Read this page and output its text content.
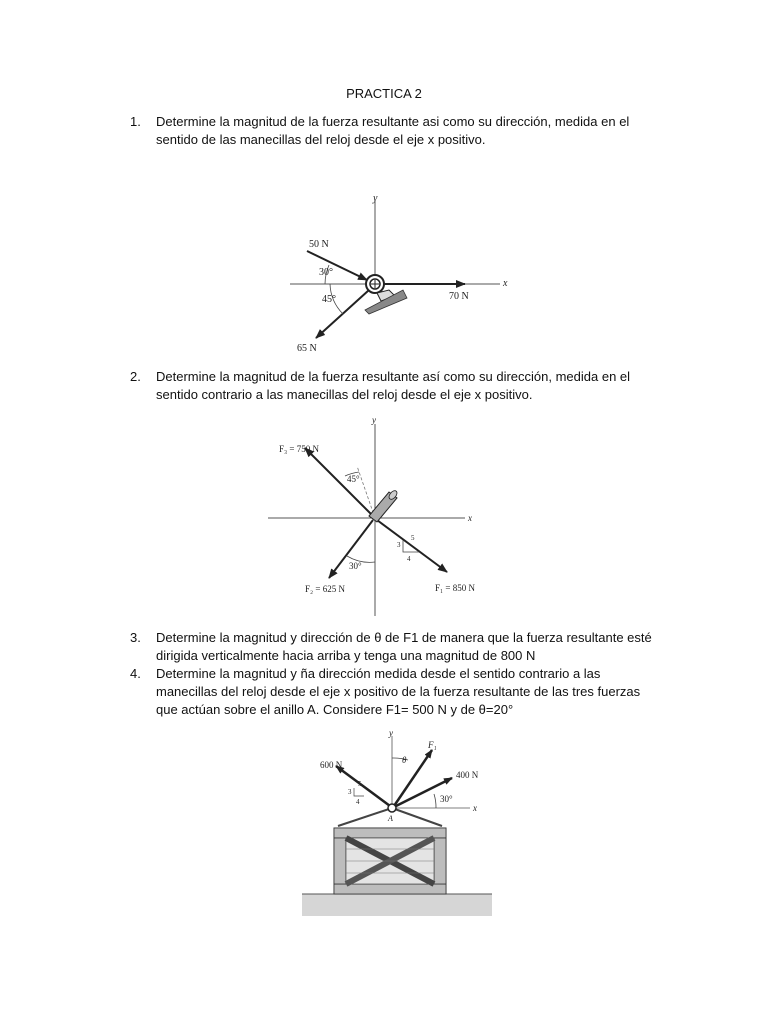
PRACTICA 2
1. Determine la magnitud de la fuerza resultante asi como su dirección, medida en el sentido de las manecillas del reloj desde el eje x positivo.
y
x
50 N
30°
45°	70 N
65 N
2. Determine la magnitud de la fuerza resultante así como su dirección, medida en el sentido contrario a las manecillas del reloj desde el eje x positivo.
y
x
F₃ = 750 N
45°
30°
F₂ = 625 N	F₁ = 850 N
3
5
4
3. Determine la magnitud y dirección de θ de F1 de manera que la fuerza resultante esté dirigida verticalmente hacia arriba y tenga una magnitud de 800 N
4. Determine la magnitud y ña dirección medida desde el sentido contrario a las manecillas del reloj desde el eje x positivo de la fuerza resultante de las tres fuerzas que actúan sobre el anillo A. Considere F1= 500 N y de θ=20°
y
x
600 N
F₁
400 N
θ
30°
A
5
3
4
